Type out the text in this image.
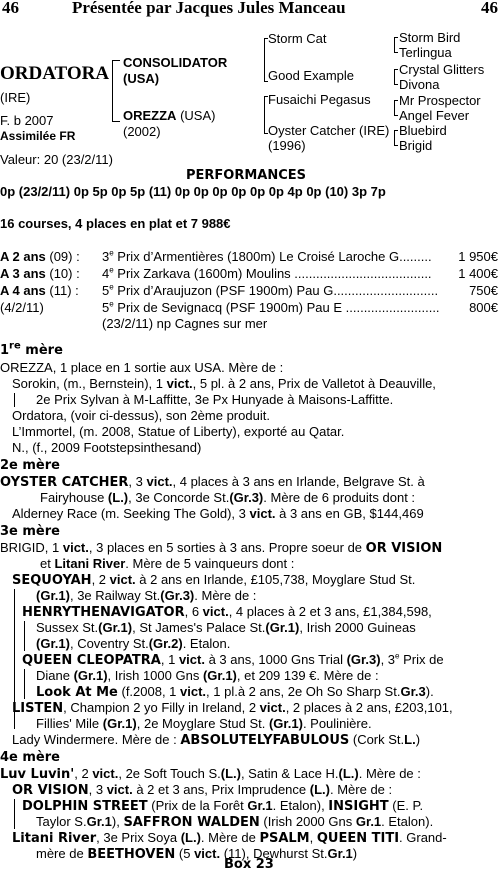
46	Présentée par Jacques Jules Manceau	46
ORDATORA
(IRE)
F. b 2007
Assimilée FR
Valeur: 20 (23/2/11)
CONSOLIDATOR
(USA)
OREZZA (USA)
(2002)
Storm Cat
Good Example
Fusaichi Pegasus
Oyster Catcher (IRE)
(1996)
Storm Bird
Terlingua
Crystal Glitters
Divona
Mr Prospector
Angel Fever
Bluebird
Brigid
PERFORMANCES
0p (23/2/11) 0p 5p 0p 5p (11) 0p 0p 0p 0p 0p 0p 4p 0p (10) 3p 7p
16 courses, 4 places en plat et 7 988€
A 2 ans (09) :	3e Prix d’Armentières (1800m) Le Croisé Laroche G......... 1 950€
A 3 ans (10) : 4e Prix Zarkava (1600m) Moulins ...................................... 1 400€
A 4 ans (11) : 5e Prix d’Araujuzon (PSF 1900m) Pau G............................. 750€
(4/2/11)	5e Prix de Sevignacq (PSF 1900m) Pau E .......................... 800€
(23/2/11) np Cagnes sur mer
1re mère
OREZZA, 1 place en 1 sortie aux USA. Mère de :
Sorokin, (m., Bernstein), 1 vict., 5 pl. à 2 ans, Prix de Valletot à Deauville,
2e Prix Sylvan à M-Laffitte, 3e Px Hunyade à Maisons-Laffitte.
Ordatora, (voir ci-dessus), son 2ème produit.
L’Immortel, (m. 2008, Statue of Liberty), exporté au Qatar.
N., (f., 2009 Footstepsinthesand)
2e mère
OYSTER CATCHER, 3 vict., 4 places à 3 ans en Irlande, Belgrave St. à
Fairyhouse (L.), 3e Concorde St.(Gr.3). Mère de 6 produits dont :
Alderney Race (m. Seeking The Gold), 3 vict. à 3 ans en GB, $144,469
3e mère
BRIGID, 1 vict., 3 places en 5 sorties à 3 ans. Propre soeur de OR VISION
et Litani River. Mère de 5 vainqueurs dont :
SEQUOYAH, 2 vict. à 2 ans en Irlande, £105,738, Moyglare Stud St.
(Gr.1), 3e Railway St.(Gr.3). Mère de :
HENRYTHENAVIGATOR, 6 vict., 4 places à 2 et 3 ans, £1,384,598,
Sussex St.(Gr.1), St James's Palace St.(Gr.1), Irish 2000 Guineas
(Gr.1), Coventry St.(Gr.2). Etalon.
QUEEN CLEOPATRA, 1 vict. à 3 ans, 1000 Gns Trial (Gr.3), 3e Prix de
Diane (Gr.1), Irish 1000 Gns (Gr.1), et 209 139 €. Mère de :
Look At Me (f.2008, 1 vict., 1 pl.à 2 ans, 2e Oh So Sharp St.Gr.3).
LISTEN, Champion 2 yo Filly in Ireland, 2 vict., 2 places à 2 ans, £203,101,
Fillies' Mile (Gr.1), 2e Moyglare Stud St. (Gr.1). Poulinière.
Lady Windermere. Mère de : ABSOLUTELYFABULOUS (Cork St.L.)
4e mère
Luv Luvin', 2 vict., 2e Soft Touch S.(L.), Satin & Lace H.(L.). Mère de :
OR VISION, 3 vict. à 2 et 3 ans, Prix Imprudence (L.). Mère de :
DOLPHIN STREET (Prix de la Forêt Gr.1. Etalon), INSIGHT (E. P.
Taylor S.Gr.1), SAFFRON WALDEN (Irish 2000 Gns Gr.1. Etalon).
Litani River, 3e Prix Soya (L.). Mère de PSALM, QUEEN TITI. Grand-
mère de BEETHOVEN (5 vict. (11), Dewhurst St.Gr.1)
Box 23
